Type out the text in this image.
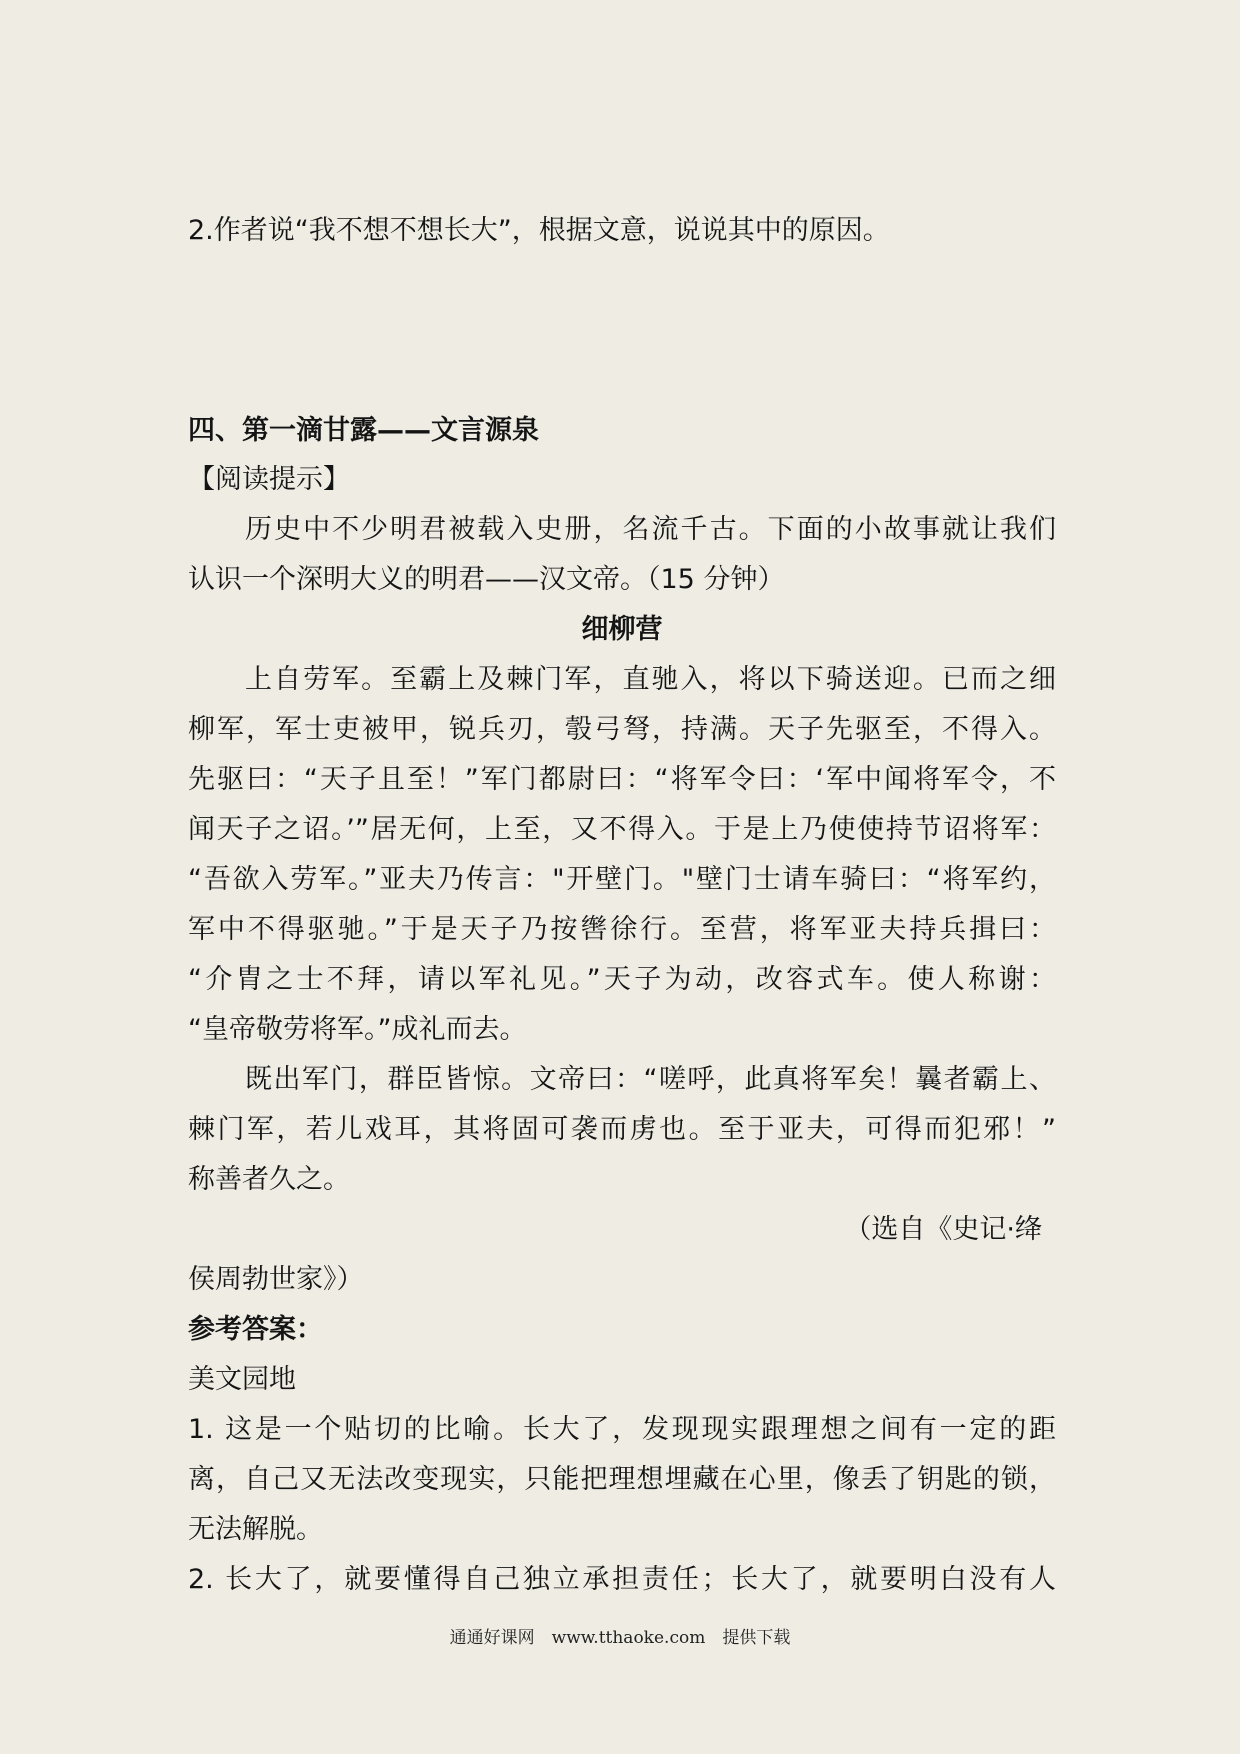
2.作者说“我不想不想长大”，根据文意，说说其中的原因。
四、第一滴甘露——文言源泉
【阅读提示】
历史中不少明君被载入史册，名流千古。下面的小故事就让我们
认识一个深明大义的明君——汉文帝。（15 分钟）
细柳营
上自劳军。至霸上及棘门军，直驰入，将以下骑送迎。已而之细
柳军，军士吏被甲，锐兵刃，彀弓弩，持满。天子先驱至，不得入。
先驱曰：“天子且至！”军门都尉曰：“将军令曰：‘军中闻将军令，不
闻天子之诏。’”居无何，上至，又不得入。于是上乃使使持节诏将军：
“吾欲入劳军。”亚夫乃传言："开壁门。"壁门士请车骑曰：“将军约，
军中不得驱驰。”于是天子乃按辔徐行。至营，将军亚夫持兵揖曰：
“介胄之士不拜，请以军礼见。”天子为动，改容式车。使人称谢：
“皇帝敬劳将军。”成礼而去。
既出军门，群臣皆惊。文帝曰：“嗟呼，此真将军矣！曩者霸上、
棘门军，若儿戏耳，其将固可袭而虏也。至于亚夫，可得而犯邪！”
称善者久之。
（选自《史记·绛
侯周勃世家》）
参考答案：
美文园地
1. 这是一个贴切的比喻。长大了，发现现实跟理想之间有一定的距
离，自己又无法改变现实，只能把理想埋藏在心里，像丢了钥匙的锁，
无法解脱。
2. 长大了，就要懂得自己独立承担责任；长大了，就要明白没有人
通通好课网　www.tthaoke.com　提供下载
